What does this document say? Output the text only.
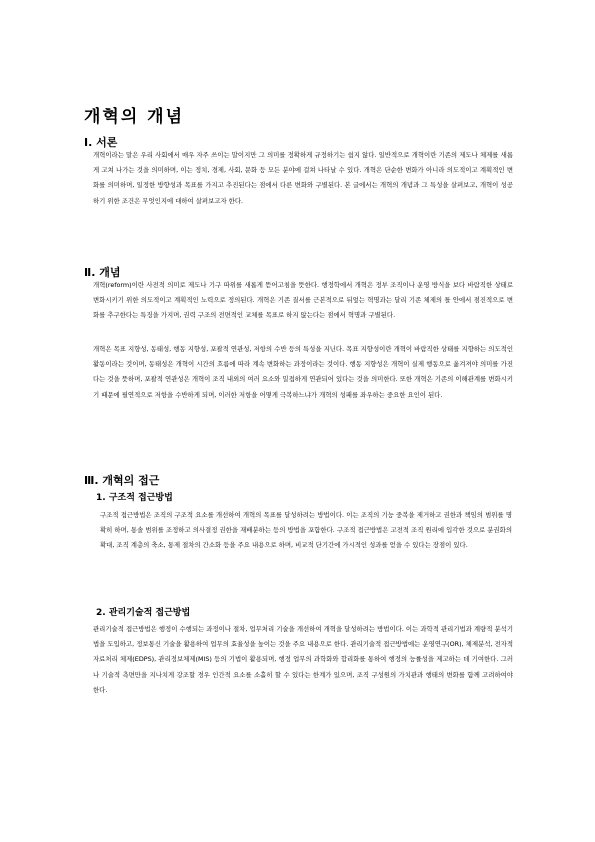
개혁의 개념
Ⅰ. 서론

개혁이라는 말은 우리 사회에서 매우 자주 쓰이는 말이지만 그 의미를 정확하게 규정하기는 쉽지 않다. 일반적으로 개혁이란 기존의 제도나 체제를 새롭게 고쳐 나가는 것을 의미하며, 이는 정치, 경제, 사회, 문화 등 모든 분야에 걸쳐 나타날 수 있다. 개혁은 단순한 변화가 아니라 의도적이고 계획적인 변화를 의미하며, 일정한 방향성과 목표를 가지고 추진된다는 점에서 다른 변화와 구별된다. 본 글에서는 개혁의 개념과 그 특성을 살펴보고, 개혁이 성공하기 위한 조건은 무엇인지에 대하여 살펴보고자 한다.

Ⅱ. 개념

개혁(reform)이란 사전적 의미로 제도나 기구 따위를 새롭게 뜯어고침을 뜻한다. 행정학에서 개혁은 정부 조직이나 운영 방식을 보다 바람직한 상태로 변화시키기 위한 의도적이고 계획적인 노력으로 정의된다. 개혁은 기존 질서를 근본적으로 뒤엎는 혁명과는 달리 기존 체제의 틀 안에서 점진적으로 변화를 추구한다는 특징을 가지며, 권력 구조의 전면적인 교체를 목표로 하지 않는다는 점에서 혁명과 구별된다.

개혁은 목표 지향성, 동태성, 행동 지향성, 포괄적 연관성, 저항의 수반 등의 특성을 지닌다. 목표 지향성이란 개혁이 바람직한 상태를 지향하는 의도적인 활동이라는 것이며, 동태성은 개혁이 시간의 흐름에 따라 계속 변화하는 과정이라는 것이다. 행동 지향성은 개혁이 실제 행동으로 옮겨져야 의미를 가진다는 것을 뜻하며, 포괄적 연관성은 개혁이 조직 내외의 여러 요소와 밀접하게 연관되어 있다는 것을 의미한다. 또한 개혁은 기존의 이해관계를 변화시키기 때문에 필연적으로 저항을 수반하게 되며, 이러한 저항을 어떻게 극복하느냐가 개혁의 성패를 좌우하는 중요한 요인이 된다.

Ⅲ. 개혁의 접근
1. 구조적 접근방법

구조적 접근방법은 조직의 구조적 요소를 개선하여 개혁의 목표를 달성하려는 방법이다. 이는 조직의 기능 중복을 제거하고 권한과 책임의 범위를 명확히 하며, 통솔 범위를 조정하고 의사결정 권한을 재배분하는 등의 방법을 포함한다. 구조적 접근방법은 고전적 조직 원리에 입각한 것으로 분권화의 확대, 조직 계층의 축소, 통제 절차의 간소화 등을 주요 내용으로 하며, 비교적 단기간에 가시적인 성과를 얻을 수 있다는 장점이 있다.

2. 관리기술적 접근방법

관리기술적 접근방법은 행정이 수행되는 과정이나 절차, 업무처리 기술을 개선하여 개혁을 달성하려는 방법이다. 이는 과학적 관리기법과 계량적 분석기법을 도입하고, 정보통신 기술을 활용하여 업무의 효율성을 높이는 것을 주요 내용으로 한다. 관리기술적 접근방법에는 운영연구(OR), 체제분석, 전자적 자료처리 체제(EDPS), 관리정보체제(MIS) 등의 기법이 활용되며, 행정 업무의 과학화와 합리화를 통하여 행정의 능률성을 제고하는 데 기여한다. 그러나 기술적 측면만을 지나치게 강조할 경우 인간적 요소를 소홀히 할 수 있다는 한계가 있으며, 조직 구성원의 가치관과 행태의 변화를 함께 고려하여야 한다.
